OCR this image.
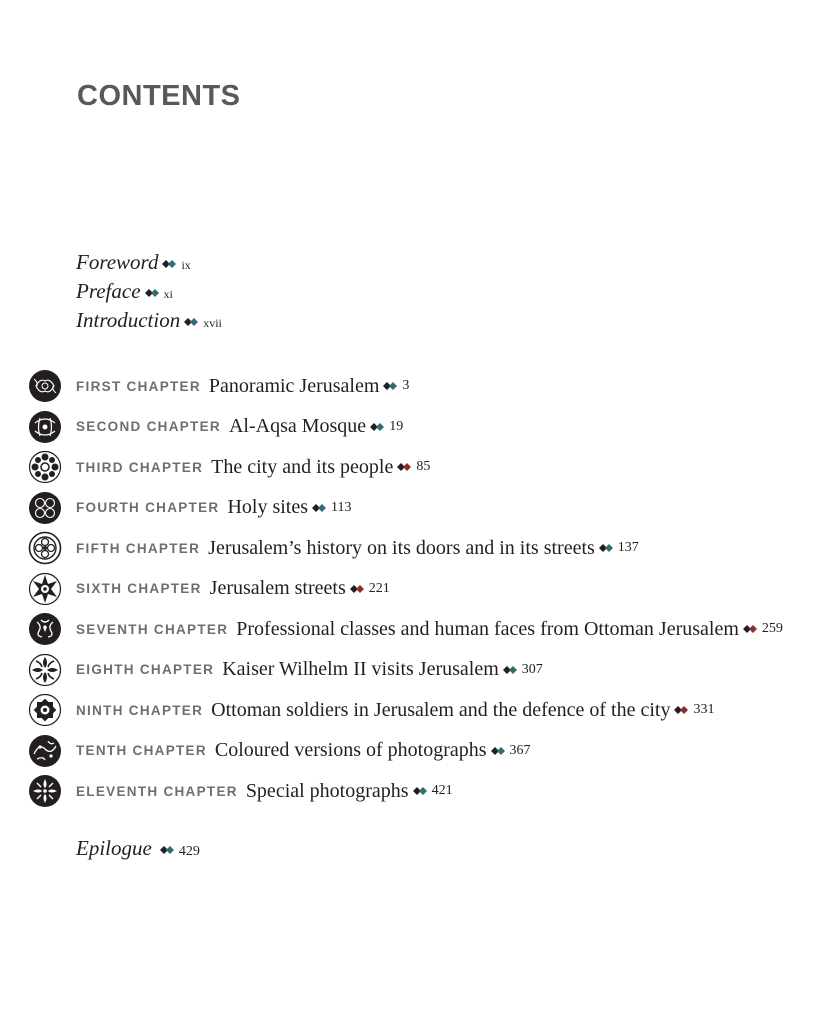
CONTENTS
Foreword ix
Preface xi
Introduction xvii
FIRST CHAPTER Panoramic Jerusalem 3
SECOND CHAPTER Al-Aqsa Mosque 19
THIRD CHAPTER The city and its people 85
FOURTH CHAPTER Holy sites 113
FIFTH CHAPTER Jerusalem’s history on its doors and in its streets 137
SIXTH CHAPTER Jerusalem streets 221
SEVENTH CHAPTER Professional classes and human faces from Ottoman Jerusalem 259
EIGHTH CHAPTER Kaiser Wilhelm II visits Jerusalem 307
NINTH CHAPTER Ottoman soldiers in Jerusalem and the defence of the city 331
TENTH CHAPTER Coloured versions of photographs 367
ELEVENTH CHAPTER Special photographs 421
Epilogue 429
